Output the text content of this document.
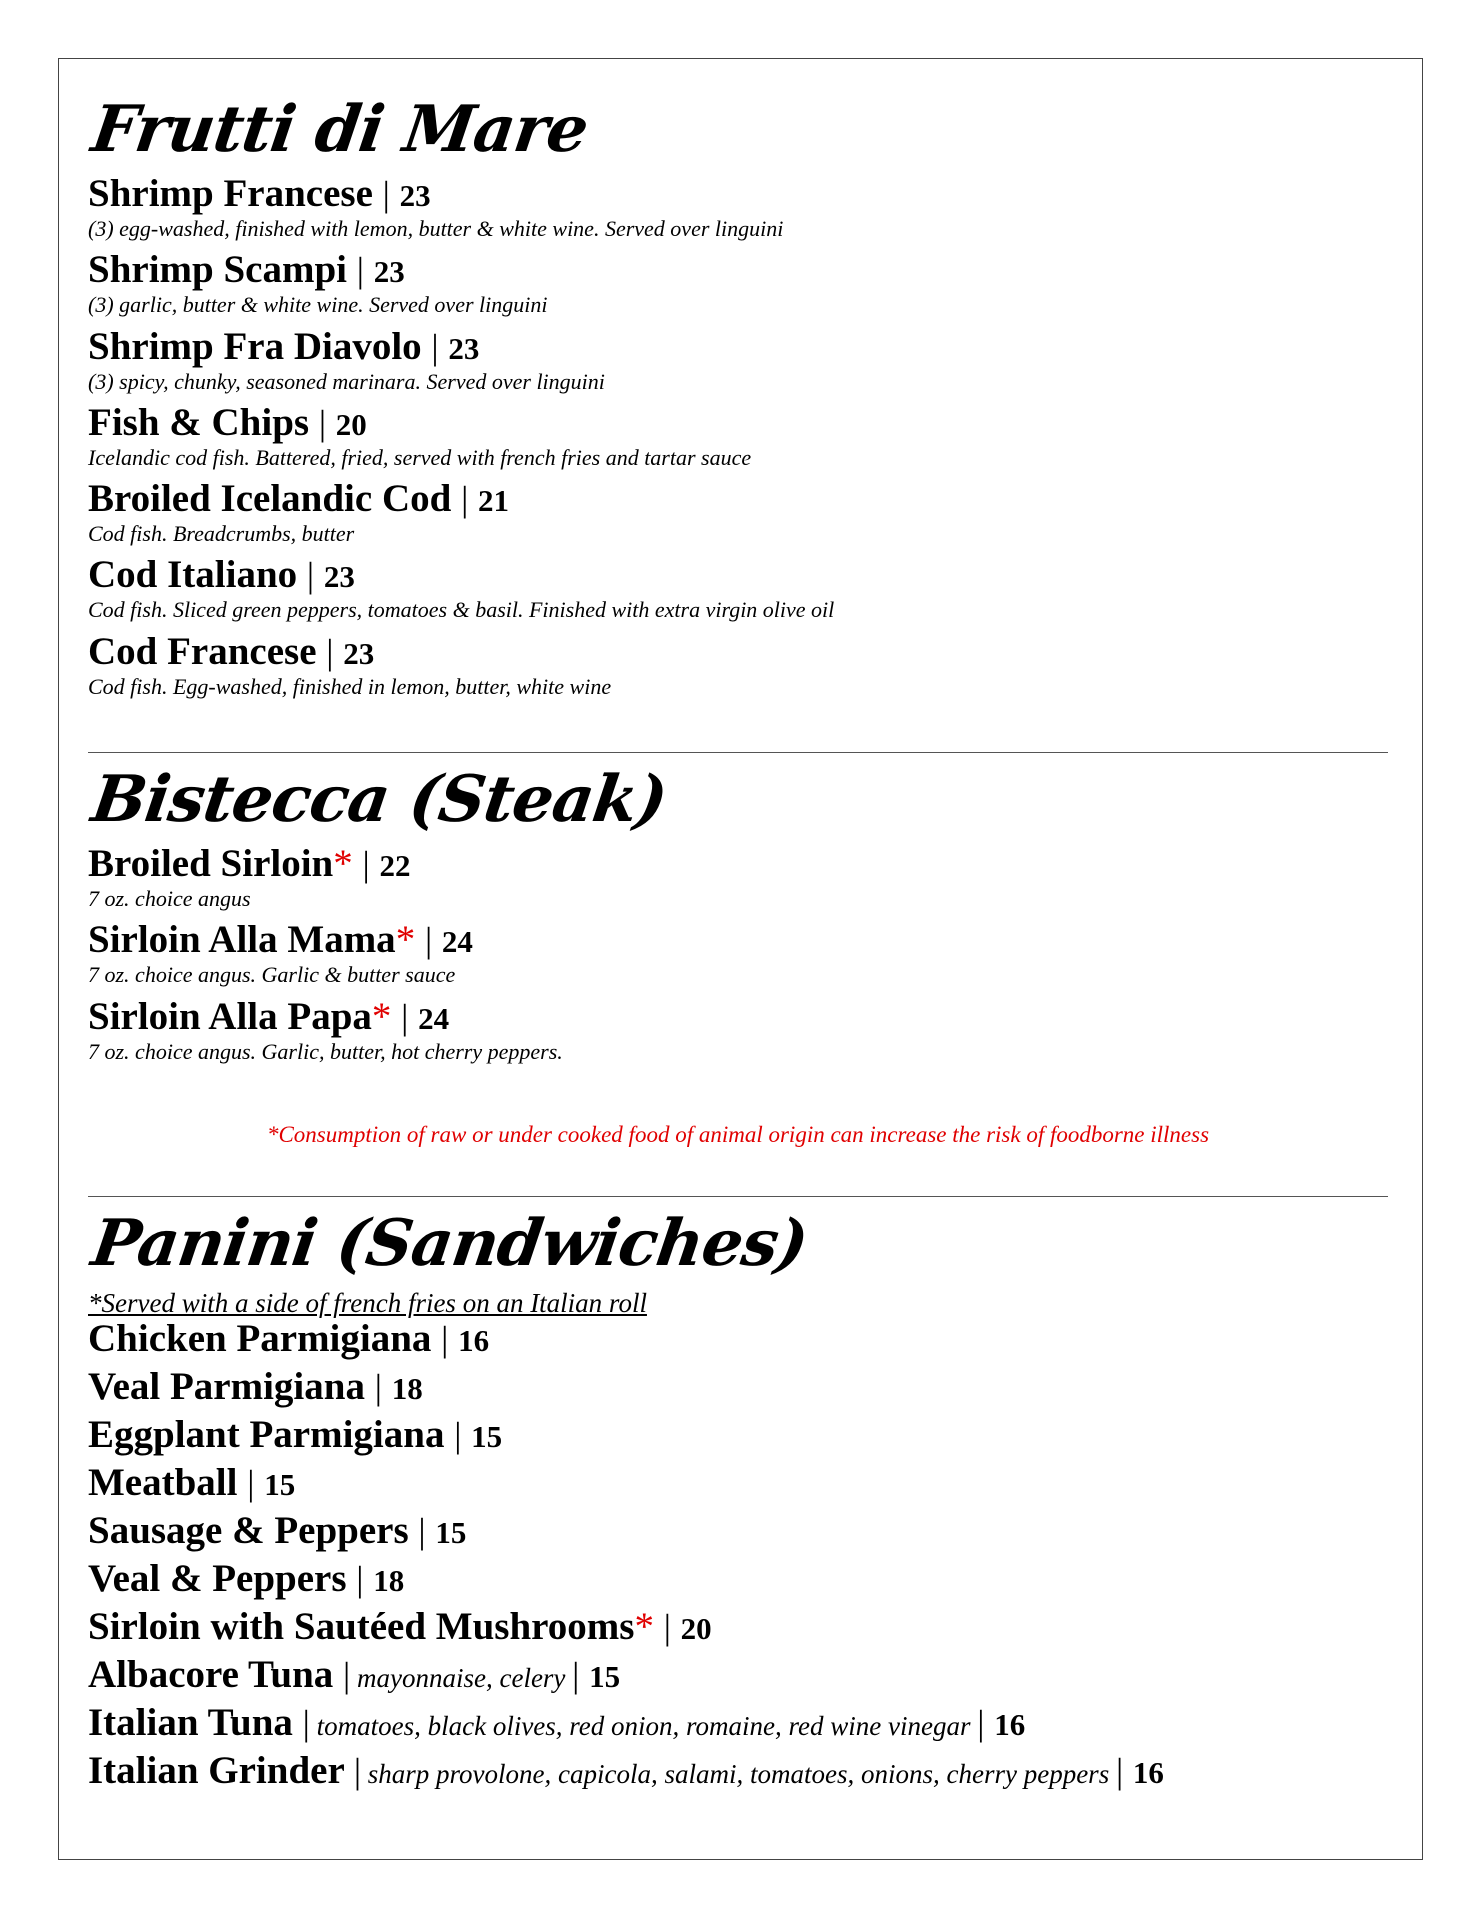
Frutti di Mare

Shrimp Francese | 23

(3) egg-washed, finished with lemon, butter & white wine. Served over linguini

Shrimp Scampi | 23

(3) garlic, butter & white wine. Served over linguini

Shrimp Fra Diavolo | 23

(3) spicy, chunky, seasoned marinara. Served over linguini

Fish & Chips | 20

Icelandic cod fish. Battered, fried, served with french fries and tartar sauce

Broiled Icelandic Cod | 21

Cod fish. Breadcrumbs, butter

Cod Italiano | 23

Cod fish. Sliced green peppers, tomatoes & basil. Finished with extra virgin olive oil

Cod Francese | 23

Cod fish. Egg-washed, finished in lemon, butter, white wine

Bistecca (Steak)

Broiled Sirloin* | 22

7 oz. choice angus

Sirloin Alla Mama* | 24

7 oz. choice angus. Garlic & butter sauce

Sirloin Alla Papa* | 24

7 oz. choice angus. Garlic, butter, hot cherry peppers.

*Consumption of raw or under cooked food of animal origin can increase the risk of foodborne illness
Panini (Sandwiches)

*Served with a side of french fries on an Italian roll

Chicken Parmigiana | 16

Veal Parmigiana | 18

Eggplant Parmigiana | 15

Meatball | 15

Sausage & Peppers | 15

Veal & Peppers | 18

Sirloin with Sautéed Mushrooms* | 20

Albacore Tuna | mayonnaise, celery | 15

Italian Tuna | tomatoes, black olives, red onion, romaine, red wine vinegar | 16

Italian Grinder | sharp provolone, capicola, salami, tomatoes, onions, cherry peppers | 16
